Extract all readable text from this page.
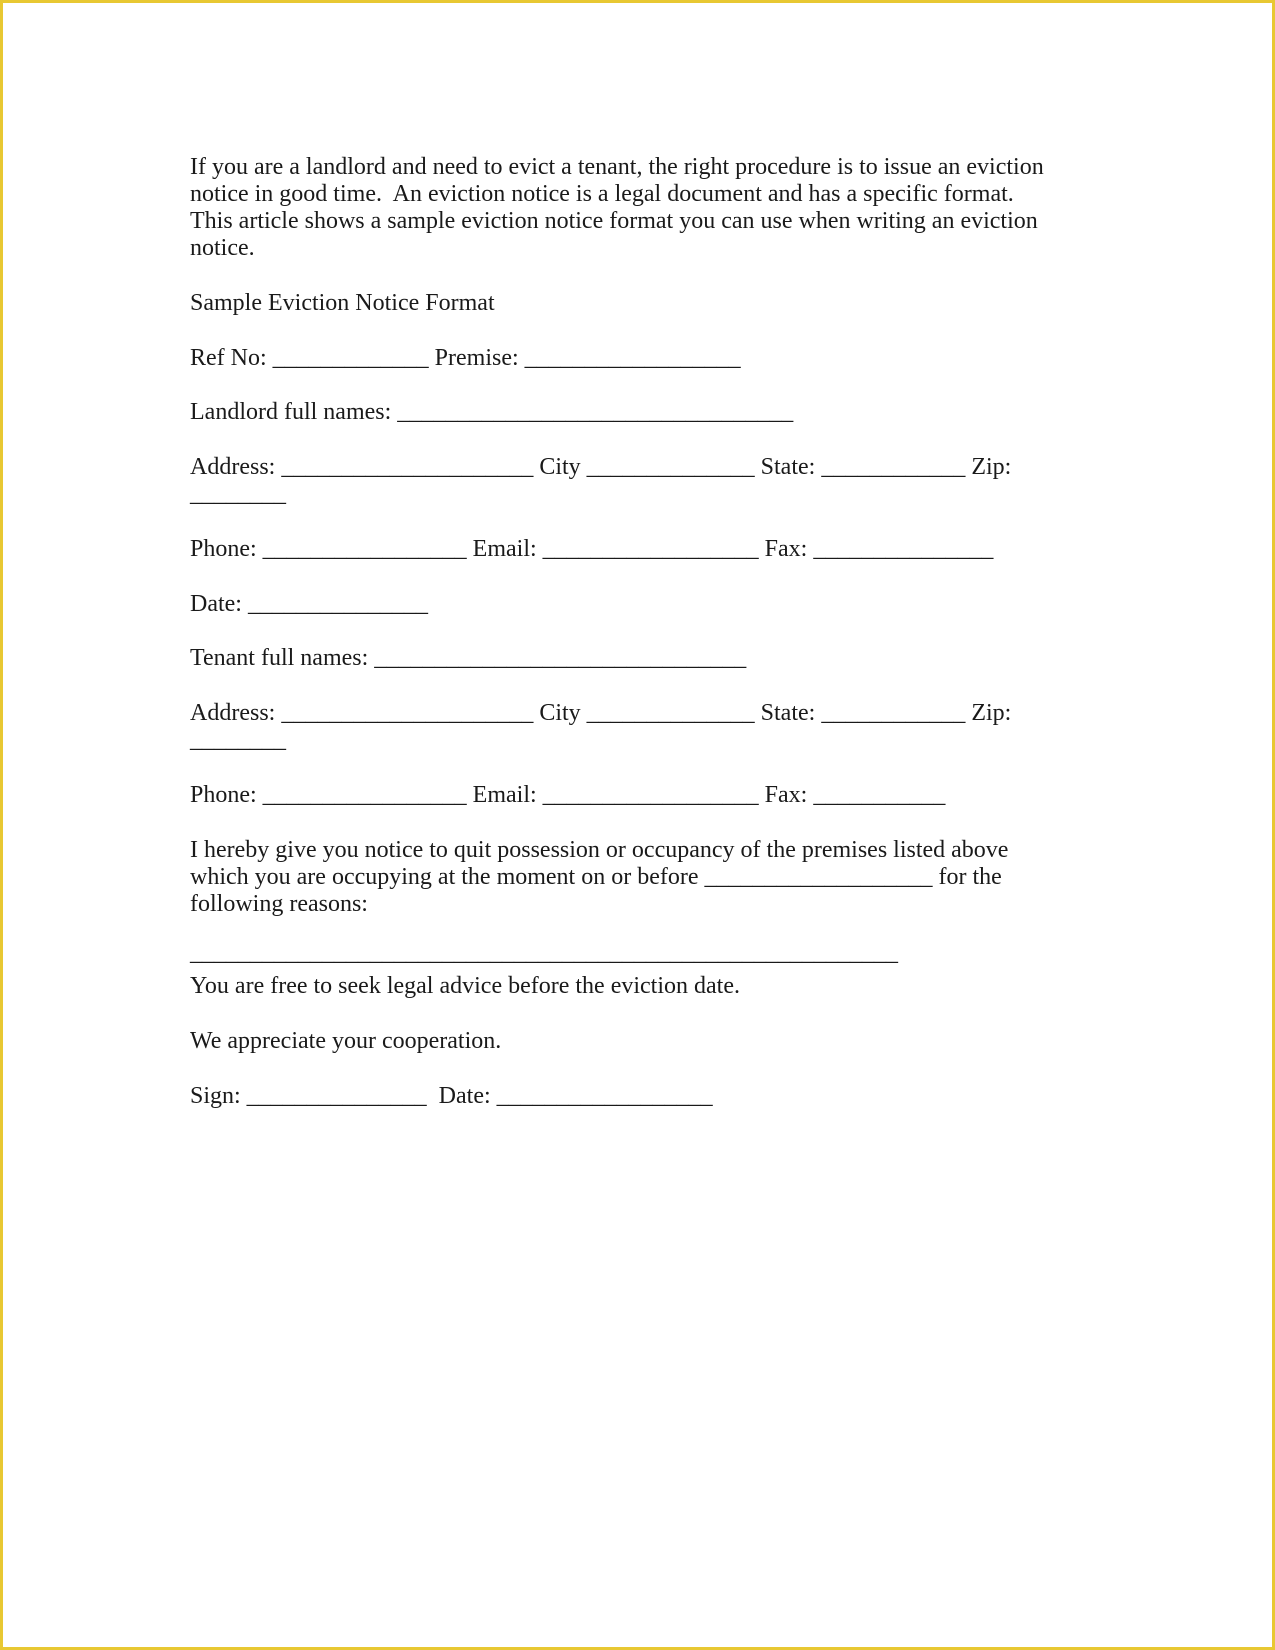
If you are a landlord and need to evict a tenant, the right procedure is to issue an eviction

notice in good time.  An eviction notice is a legal document and has a specific format.

This article shows a sample eviction notice format you can use when writing an eviction

notice.

Sample Eviction Notice Format

Ref No: _____________ Premise: __________________

Landlord full names: _________________________________

Address: _____________________ City ______________ State: ____________ Zip:

________

Phone: _________________ Email: __________________ Fax: _______________

Date: _______________

Tenant full names: _______________________________

Address: _____________________ City ______________ State: ____________ Zip:

________

Phone: _________________ Email: __________________ Fax: ___________

I hereby give you notice to quit possession or occupancy of the premises listed above

which you are occupying at the moment on or before ___________________ for the

following reasons:

___________________________________________________________

You are free to seek legal advice before the eviction date.

We appreciate your cooperation.

Sign: _______________  Date: __________________
